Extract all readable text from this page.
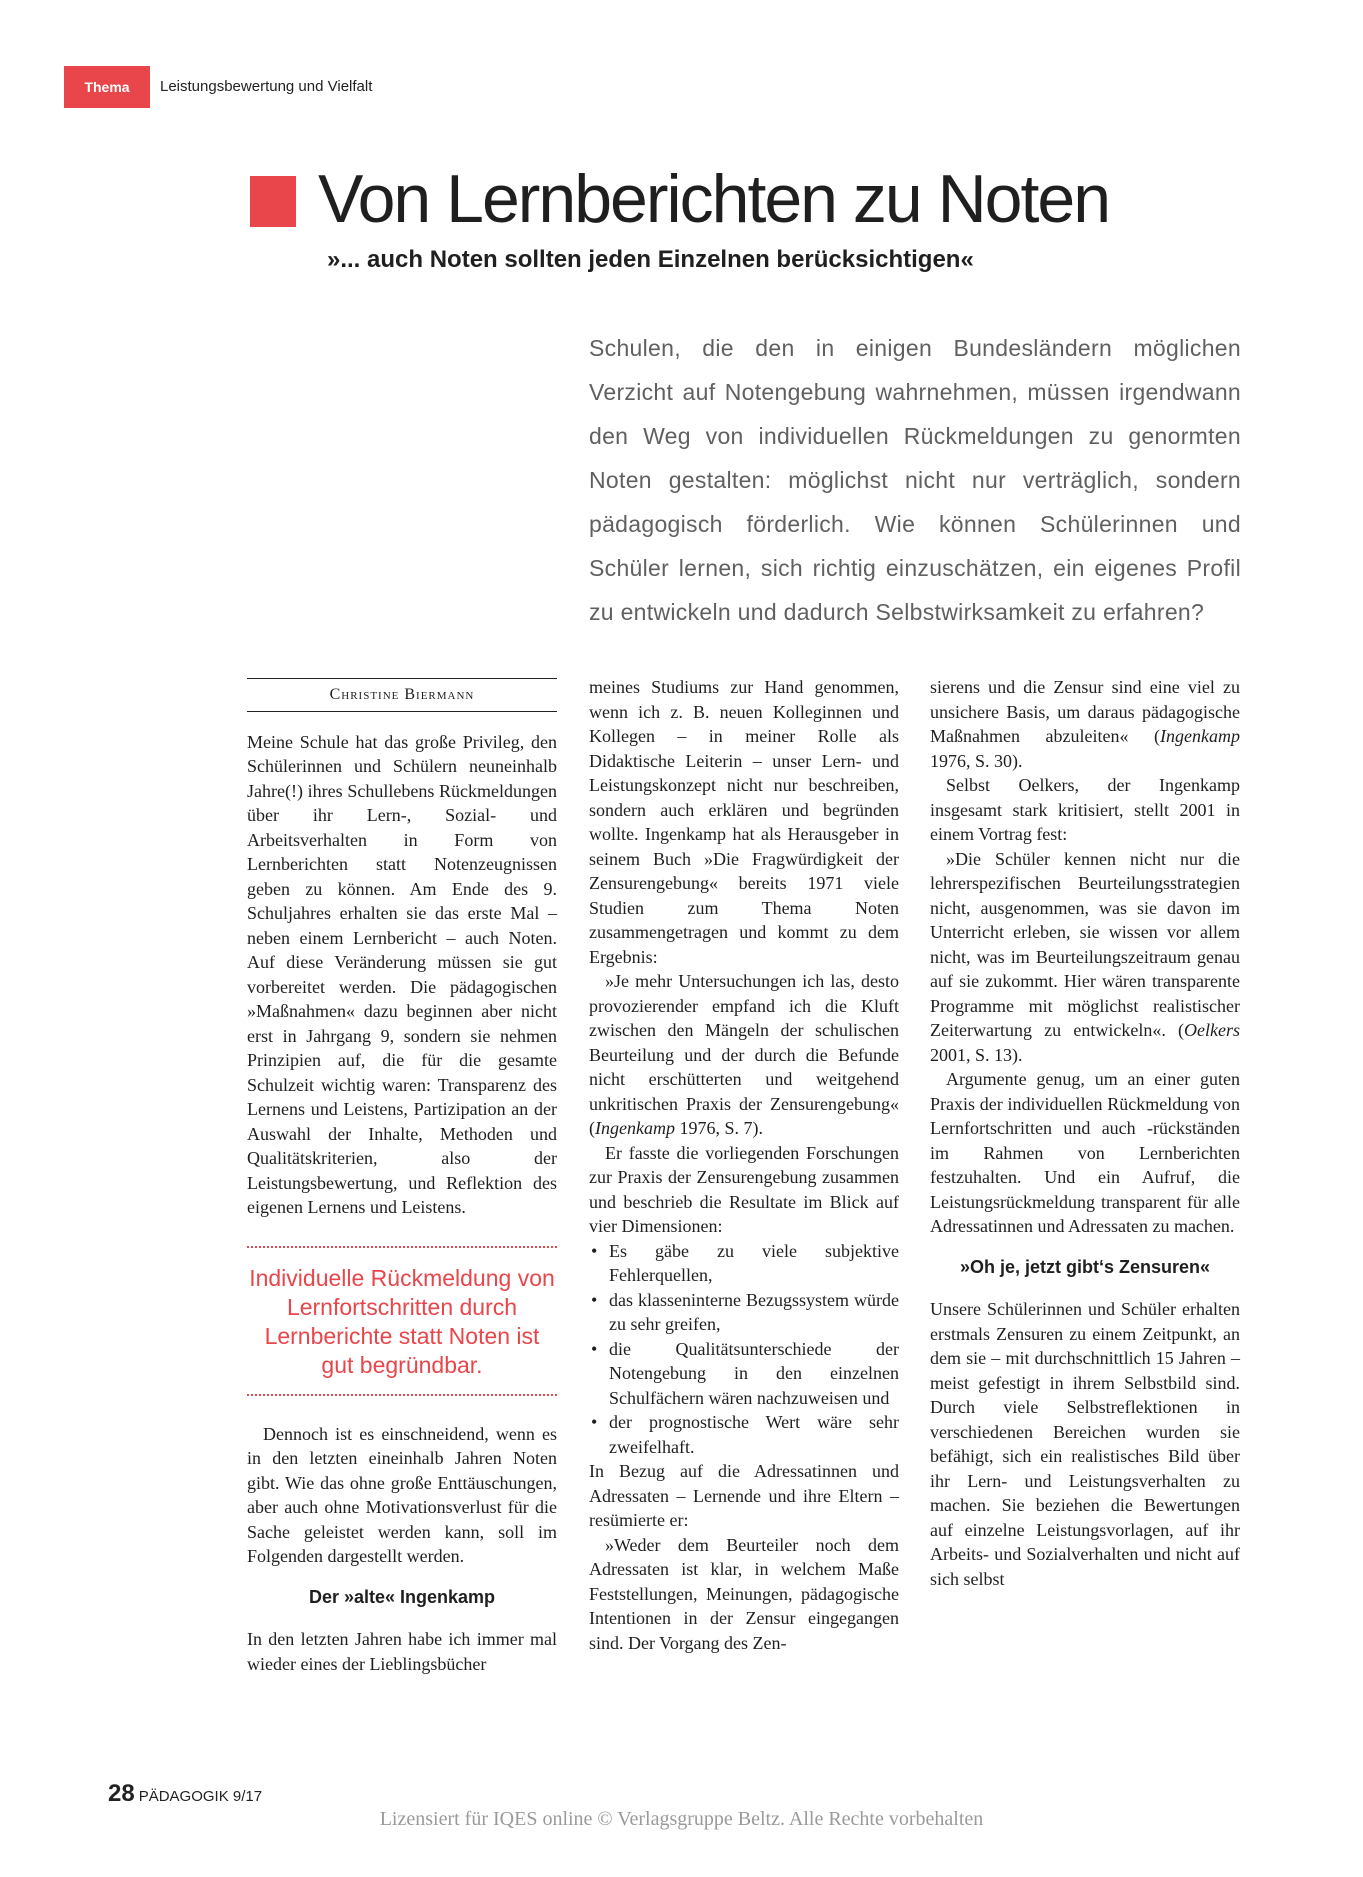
Thema	Leistungsbewertung und Vielfalt
Von Lernberichten zu Noten
»... auch Noten sollten jeden Einzelnen berücksichtigen«

Schulen, die den in einigen Bundesländern möglichen Verzicht auf Notengebung wahrnehmen, müssen irgendwann den Weg von individuellen Rückmeldungen zu genormten Noten gestalten: möglichst nicht nur verträglich, sondern pädagogisch förderlich. Wie können Schülerinnen und Schüler lernen, sich richtig einzuschätzen, ein eigenes Profil zu entwickeln und dadurch Selbstwirksamkeit zu erfahren?

Christine Biermann

Meine Schule hat das große Privileg, den Schülerinnen und Schülern neuneinhalb Jahre(!) ihres Schullebens Rückmeldungen über ihr Lern-, Sozial- und Arbeitsverhalten in Form von Lernberichten statt Notenzeugnissen geben zu können. Am Ende des 9. Schuljahres erhalten sie das erste Mal – neben einem Lernbericht – auch Noten. Auf diese Veränderung müssen sie gut vorbereitet werden. Die pädagogischen »Maßnahmen« dazu beginnen aber nicht erst in Jahrgang 9, sondern sie nehmen Prinzipien auf, die für die gesamte Schulzeit wichtig waren: Transparenz des Lernens und Leistens, Partizipation an der Auswahl der Inhalte, Methoden und Qualitätskriterien, also der Leistungsbewertung, und Reflektion des eigenen Lernens und Leistens.

Individuelle Rückmeldung von Lernfortschritten durch Lernberichte statt Noten ist gut begründbar.

Dennoch ist es einschneidend, wenn es in den letzten eineinhalb Jahren Noten gibt. Wie das ohne große Enttäuschungen, aber auch ohne Motivationsverlust für die Sache geleistet werden kann, soll im Folgenden dargestellt werden.

Der »alte« Ingenkamp

In den letzten Jahren habe ich immer mal wieder eines der Lieblingsbücher

meines Studiums zur Hand genommen, wenn ich z. B. neuen Kolleginnen und Kollegen – in meiner Rolle als Didaktische Leiterin – unser Lern- und Leistungskonzept nicht nur beschreiben, sondern auch erklären und begründen wollte. Ingenkamp hat als Herausgeber in seinem Buch »Die Fragwürdigkeit der Zensurengebung« bereits 1971 viele Studien zum Thema Noten zusammengetragen und kommt zu dem Ergebnis:

»Je mehr Untersuchungen ich las, desto provozierender empfand ich die Kluft zwischen den Mängeln der schulischen Beurteilung und der durch die Befunde nicht erschütterten und weitgehend unkritischen Praxis der Zensurengebung« (Ingenkamp 1976, S. 7).

Er fasste die vorliegenden Forschungen zur Praxis der Zensurengebung zusammen und beschrieb die Resultate im Blick auf vier Dimensionen:

• Es gäbe zu viele subjektive Fehlerquellen,
• das klasseninterne Bezugssystem würde zu sehr greifen,
• die Qualitätsunterschiede der Notengebung in den einzelnen Schulfächern wären nachzuweisen und
• der prognostische Wert wäre sehr zweifelhaft.

In Bezug auf die Adressatinnen und Adressaten – Lernende und ihre Eltern – resümierte er:

»Weder dem Beurteiler noch dem Adressaten ist klar, in welchem Maße Feststellungen, Meinungen, pädagogische Intentionen in der Zensur eingegangen sind. Der Vorgang des Zen-

sierens und die Zensur sind eine viel zu unsichere Basis, um daraus pädagogische Maßnahmen abzuleiten« (Ingenkamp 1976, S. 30).

Selbst Oelkers, der Ingenkamp insgesamt stark kritisiert, stellt 2001 in einem Vortrag fest:

»Die Schüler kennen nicht nur die lehrerspezifischen Beurteilungsstrategien nicht, ausgenommen, was sie davon im Unterricht erleben, sie wissen vor allem nicht, was im Beurteilungszeitraum genau auf sie zukommt. Hier wären transparente Programme mit möglichst realistischer Zeiterwartung zu entwickeln«. (Oelkers 2001, S. 13).

Argumente genug, um an einer guten Praxis der individuellen Rückmeldung von Lernfortschritten und auch -rückständen im Rahmen von Lernberichten festzuhalten. Und ein Aufruf, die Leistungsrückmeldung transparent für alle Adressatinnen und Adressaten zu machen.

»Oh je, jetzt gibt‘s Zensuren«

Unsere Schülerinnen und Schüler erhalten erstmals Zensuren zu einem Zeitpunkt, an dem sie – mit durchschnittlich 15 Jahren – meist gefestigt in ihrem Selbstbild sind. Durch viele Selbstreflektionen in verschiedenen Bereichen wurden sie befähigt, sich ein realistisches Bild über ihr Lern- und Leistungsverhalten zu machen. Sie beziehen die Bewertungen auf einzelne Leistungsvorlagen, auf ihr Arbeits- und Sozialverhalten und nicht auf sich selbst

28 PÄDAGOGIK 9/17
Lizensiert für IQES online © Verlagsgruppe Beltz. Alle Rechte vorbehalten
